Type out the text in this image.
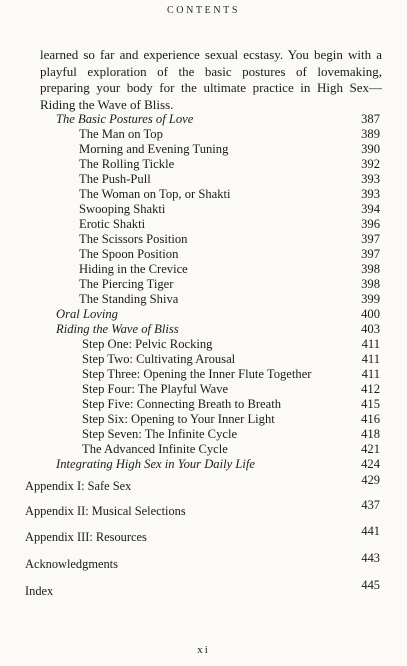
CONTENTS
learned so far and experience sexual ecstasy. You begin with a playful exploration of the basic postures of lovemaking, preparing your body for the ultimate practice in High Sex—Riding the Wave of Bliss.
The Basic Postures of Love	387
The Man on Top	389
Morning and Evening Tuning	390
The Rolling Tickle	392
The Push-Pull	393
The Woman on Top, or Shakti	393
Swooping Shakti	394
Erotic Shakti	396
The Scissors Position	397
The Spoon Position	397
Hiding in the Crevice	398
The Piercing Tiger	398
The Standing Shiva	399
Oral Loving	400
Riding the Wave of Bliss	403
Step One: Pelvic Rocking	411
Step Two: Cultivating Arousal	411
Step Three: Opening the Inner Flute Together	411
Step Four: The Playful Wave	412
Step Five: Connecting Breath to Breath	415
Step Six: Opening to Your Inner Light	416
Step Seven: The Infinite Cycle	418
The Advanced Infinite Cycle	421
Integrating High Sex in Your Daily Life	424
Appendix I: Safe Sex	429
Appendix II: Musical Selections	437
Appendix III: Resources	441
Acknowledgments	443
Index	445
xi
